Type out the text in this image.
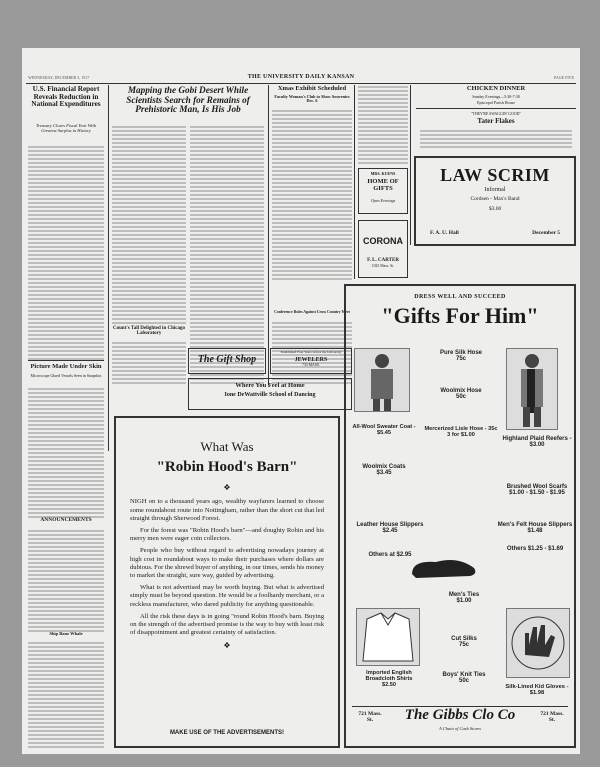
WEDNESDAY, DECEMBER 5, 1917	THE UNIVERSITY DAILY KANSAN	PAGE FIVE
U.S. Financial Report Reveals Reduction in National Expenditures
Treasury Closes Fiscal Year With Greatest Surplus in History
Picture Made Under Skin
Microscope Glued Vessels Seen in Snapshot
ANNOUNCEMENTS
Ship Banz Whale
Mapping the Gobi Desert While Scientists Search for Remains of Prehistoric Man, Is His Job
Count's Tall Delighted in Chicago Laboratory
Xmas Exhibit Scheduled
Faculty Woman's Club to Show Souvenirs Dec. 6
Conference Rules Against Cross Country Meet
MRS. KUENS
HOME OF GIFTS
Open Evenings
CORONA
F. L. CARTER
1025 Mass. St.
CHICKEN DINNER
Sunday Evenings—5:30-7:30
Episcopal Parish House
"THEY'RE SWAGGIN' GOOD"
Tater Flakes
LAW SCRIM
Informal
Cordsen - Max's Band
$3.00
F. A. U. Hall	December 5
The Gift Shop
Established Four Years before the University
JEWELERS
735 MASS.
Where You Feel at Home
Ione DeWattville School of Dancing
What Was
"Robin Hood's Barn"
❖

NIGH on to a thousand years ago, wealthy wayfarers learned to choose some roundabout route into Nottingham, rather than the short cut that led straight through Sherwood Forest.

For the forest was "Robin Hood's barn"—and doughty Robin and his merry men were eager coin collectors.

People who buy without regard to advertising nowadays journey at high cost in roundabout ways to make their purchases where dollars are dubious. For the shrewd buyer of anything, in our times, sends his money to market the straight, sure way, guided by advertising.

What is not advertised may be worth buying. But what is advertised simply must be beyond question. He would be a foolhardy merchant, or a reckless manufacturer, who dared publicity for anything questionable.

All the risk these days is in going "round Robin Hood's barn. Buying on the strength of the advertised promise is the way to buy with least risk of disappointment and greatest certainty of satisfaction.

❖
MAKE USE OF THE ADVERTISEMENTS!
DRESS WELL AND SUCCEED
"Gifts For Him"
Pure Silk Hose
75c
Woolmix Hose
50c
Mercerized Lisle Hose - 35c
3 for $1.00
All-Wool Sweater Coat - $5.45
Woolmix Coats
$3.45
Highland Plaid Reefers - $3.00
Brushed Wool Scarfs
$1.00 - $1.50 - $1.95
Leather House Slippers $2.45

Others at $2.95
Men's Felt House Slippers $1.48

Others $1.25 - $1.69
Men's Ties
$1.00
Cut Silks
75c
Boys' Knit Ties
50c
Imported English Broadcloth Shirts
$2.50	Silk-Lined Kid Gloves - $1.98
721 Mass. St.	The Gibbs Clo Co
A Chain of Cash Stores
721 Mass. St.
